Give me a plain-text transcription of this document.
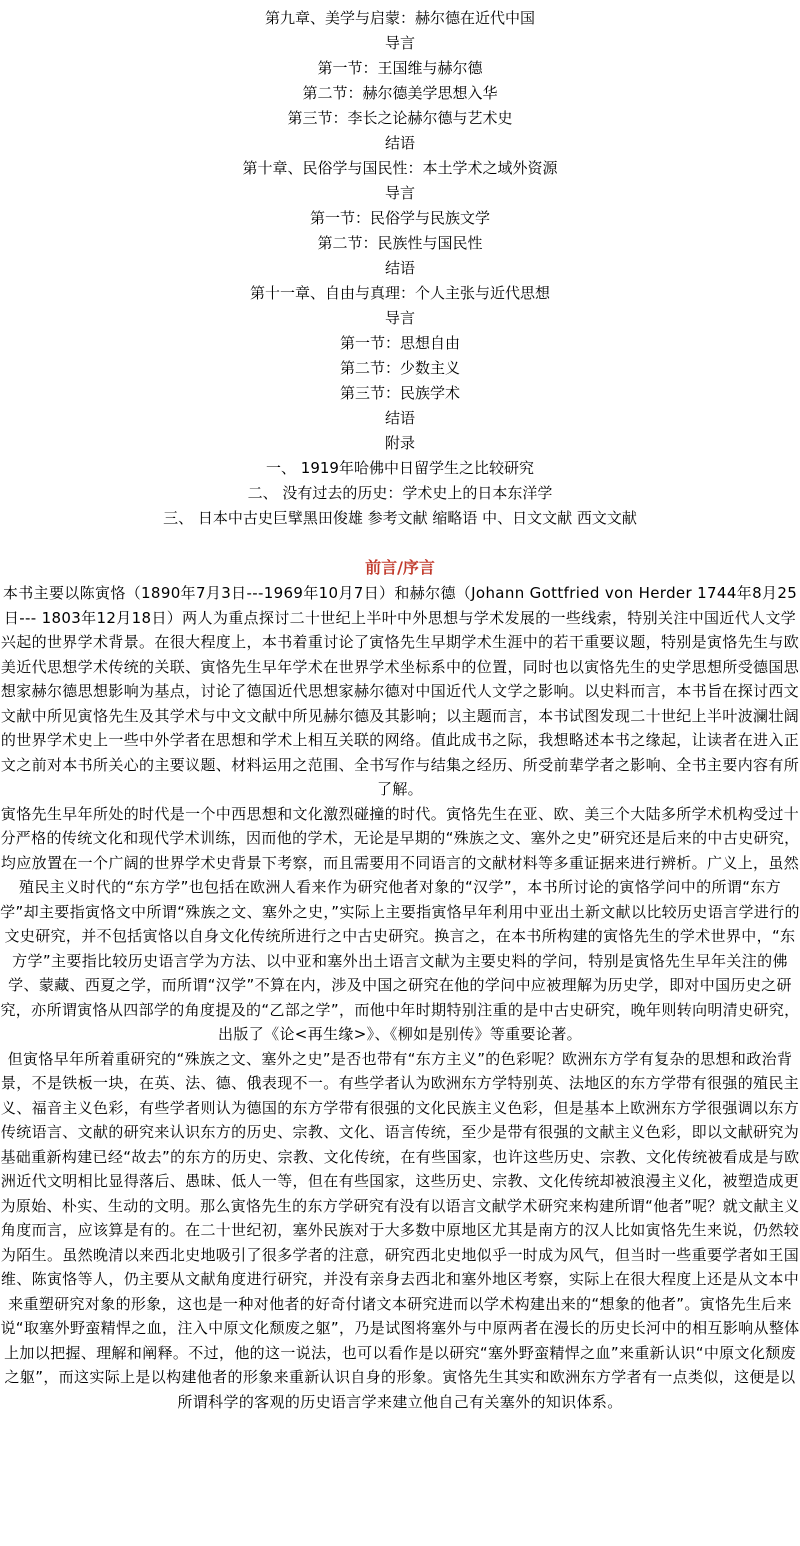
第九章、美学与启蒙：赫尔德在近代中国
导言
第一节：王国维与赫尔德
第二节：赫尔德美学思想入华
第三节：李长之论赫尔德与艺术史
结语
第十章、民俗学与国民性：本土学术之域外资源
导言
第一节：民俗学与民族文学
第二节：民族性与国民性
结语
第十一章、自由与真理：个人主张与近代思想
导言
第一节：思想自由
第二节：少数主义
第三节：民族学术
结语
附录
一、 1919年哈佛中日留学生之比较研究
二、 没有过去的历史：学术史上的日本东洋学
三、 日本中古史巨擘黑田俊雄 参考文献 缩略语 中、日文文献 西文文献
前言/序言

本书主要以陈寅恪（1890年7月3日---1969年10月7日）和赫尔德（Johann Gottfried von Herder 1744年8月25日--- 1803年12月18日）两人为重点探讨二十世纪上半叶中外思想与学术发展的一些线索，特别关注中国近代人文学兴起的世界学术背景。在很大程度上，本书着重讨论了寅恪先生早期学术生涯中的若干重要议题，特别是寅恪先生与欧美近代思想学术传统的关联、寅恪先生早年学术在世界学术坐标系中的位置，同时也以寅恪先生的史学思想所受德国思想家赫尔德思想影响为基点，讨论了德国近代思想家赫尔德对中国近代人文学之影响。以史料而言，本书旨在探讨西文文献中所见寅恪先生及其学术与中文文献中所见赫尔德及其影响；以主题而言，本书试图发现二十世纪上半叶波澜壮阔的世界学术史上一些中外学者在思想和学术上相互关联的网络。值此成书之际，我想略述本书之缘起，让读者在进入正文之前对本书所关心的主要议题、材料运用之范围、全书写作与结集之经历、所受前辈学者之影响、全书主要内容有所了解。

寅恪先生早年所处的时代是一个中西思想和文化激烈碰撞的时代。寅恪先生在亚、欧、美三个大陆多所学术机构受过十分严格的传统文化和现代学术训练，因而他的学术，无论是早期的“殊族之文、塞外之史”研究还是后来的中古史研究，均应放置在一个广阔的世界学术史背景下考察，而且需要用不同语言的文献材料等多重证据来进行辨析。广义上，虽然殖民主义时代的“东方学”也包括在欧洲人看来作为研究他者对象的“汉学”，本书所讨论的寅恪学问中的所谓“东方学”却主要指寅恪文中所谓“殊族之文、塞外之史，”实际上主要指寅恪早年利用中亚出土新文献以比较历史语言学进行的文史研究，并不包括寅恪以自身文化传统所进行之中古史研究。换言之，在本书所构建的寅恪先生的学术世界中，“东方学”主要指比较历史语言学为方法、以中亚和塞外出土语言文献为主要史料的学问，特别是寅恪先生早年关注的佛学、蒙藏、西夏之学，而所谓“汉学”不算在内，涉及中国之研究在他的学问中应被理解为历史学，即对中国历史之研究，亦所谓寅恪从四部学的角度提及的“乙部之学”，而他中年时期特别注重的是中古史研究，晚年则转向明清史研究，出版了《论<再生缘>》、《柳如是别传》等重要论著。

但寅恪早年所着重研究的“殊族之文、塞外之史”是否也带有“东方主义”的色彩呢？欧洲东方学有复杂的思想和政治背景，不是铁板一块，在英、法、德、俄表现不一。有些学者认为欧洲东方学特别英、法地区的东方学带有很强的殖民主义、福音主义色彩，有些学者则认为德国的东方学带有很强的文化民族主义色彩，但是基本上欧洲东方学很强调以东方传统语言、文献的研究来认识东方的历史、宗教、文化、语言传统，至少是带有很强的文献主义色彩，即以文献研究为基础重新构建已经“故去”的东方的历史、宗教、文化传统，在有些国家，也许这些历史、宗教、文化传统被看成是与欧洲近代文明相比显得落后、愚昧、低人一等，但在有些国家，这些历史、宗教、文化传统却被浪漫主义化，被塑造成更为原始、朴实、生动的文明。那么寅恪先生的东方学研究有没有以语言文献学术研究来构建所谓“他者”呢？就文献主义角度而言，应该算是有的。在二十世纪初，塞外民族对于大多数中原地区尤其是南方的汉人比如寅恪先生来说，仍然较为陌生。虽然晚清以来西北史地吸引了很多学者的注意，研究西北史地似乎一时成为风气，但当时一些重要学者如王国维、陈寅恪等人，仍主要从文献角度进行研究，并没有亲身去西北和塞外地区考察，实际上在很大程度上还是从文本中来重塑研究对象的形象，这也是一种对他者的好奇付诸文本研究进而以学术构建出来的“想象的他者”。寅恪先生后来说“取塞外野蛮精悍之血，注入中原文化颓废之躯”，乃是试图将塞外与中原两者在漫长的历史长河中的相互影响从整体上加以把握、理解和阐释。不过，他的这一说法，也可以看作是以研究“塞外野蛮精悍之血”来重新认识“中原文化颓废之躯”，而这实际上是以构建他者的形象来重新认识自身的形象。寅恪先生其实和欧洲东方学者有一点类似，这便是以所谓科学的客观的历史语言学来建立他自己有关塞外的知识体系。
